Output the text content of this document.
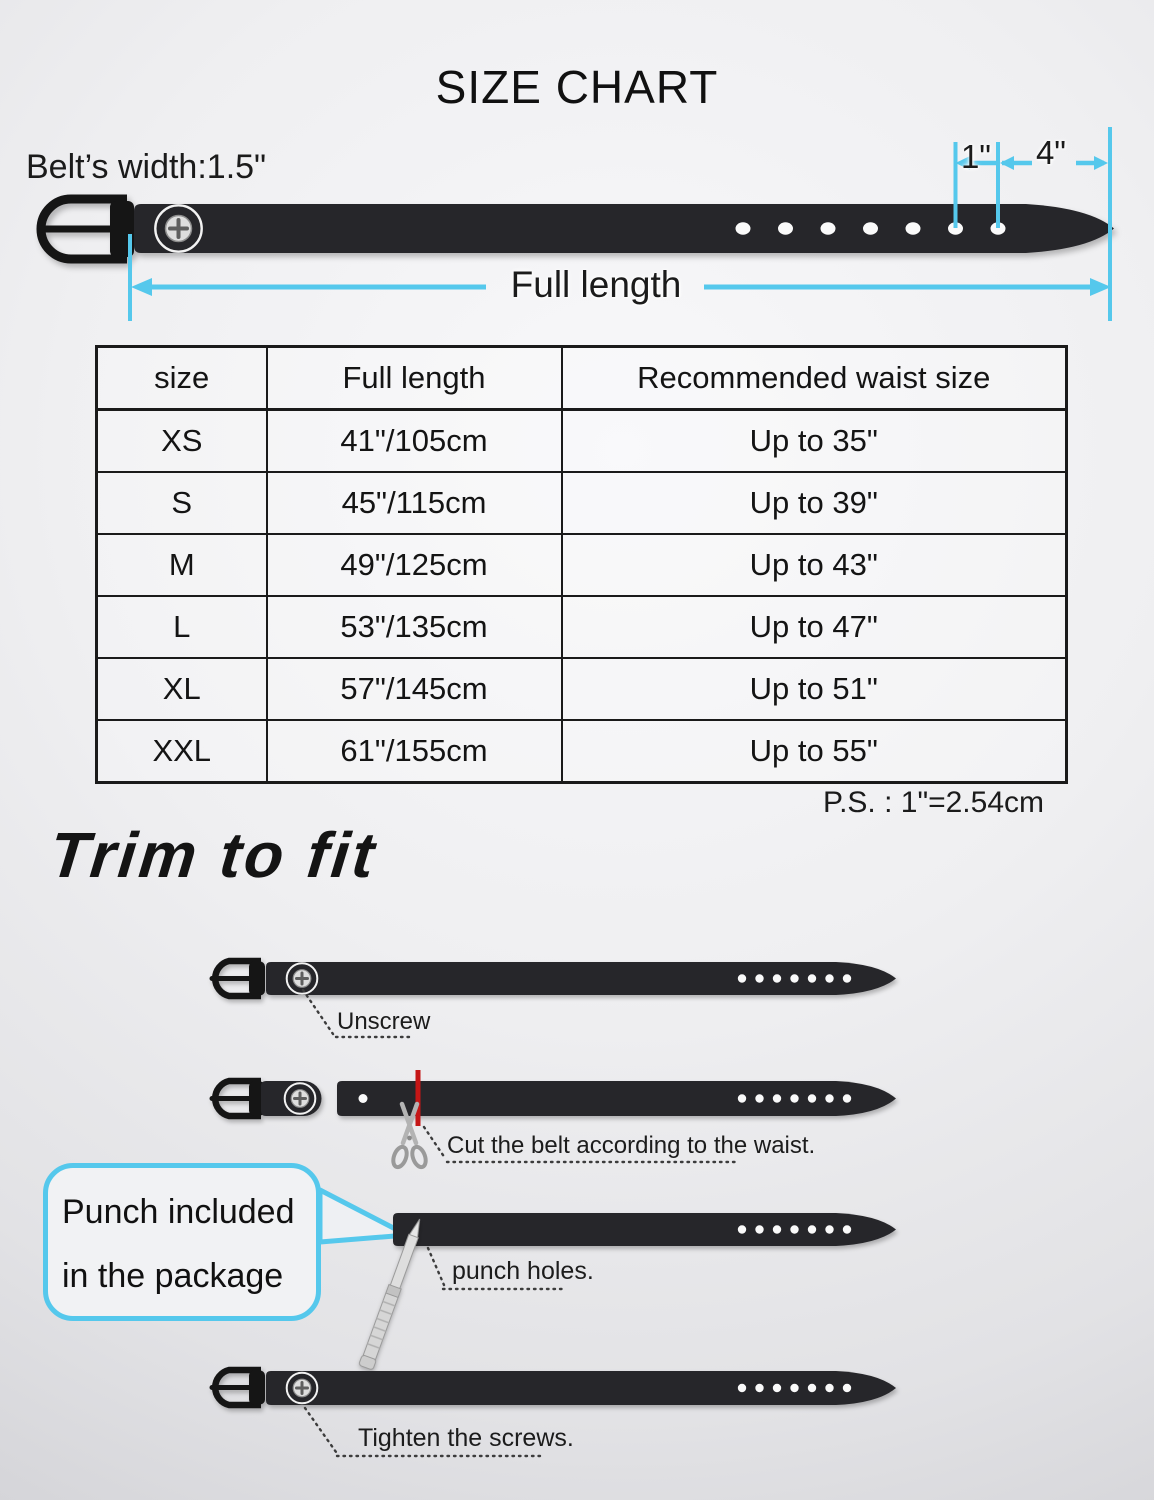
SIZE CHART
Belt’s width:1.5"	1"	4"
Full length
size	Full length	Recommended waist size
XS	41"/105cm	Up to 35"
S	45"/115cm	Up to 39"
M	49"/125cm	Up to 43"
L	53"/135cm	Up to 47"
XL	57"/145cm	Up to 51"
XXL	61"/155cm	Up to 55"
P.S. : 1"=2.54cm
Trim to fit
Unscrew
Cut the belt according to the waist.
punch holes.
Tighten the screws.
Punch included
in the package
